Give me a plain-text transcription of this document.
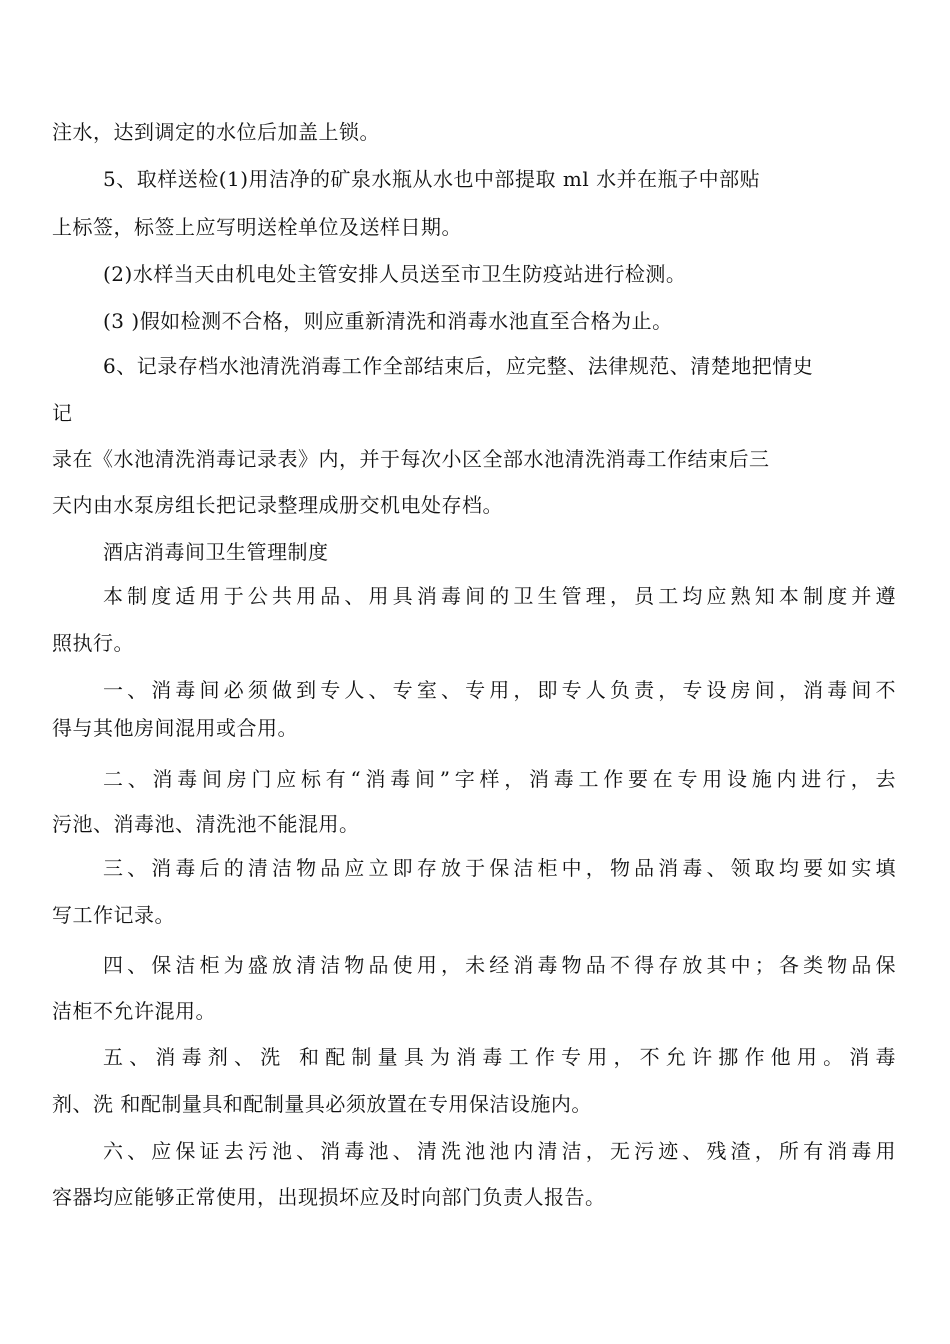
注水，达到调定的水位后加盖上锁。
5、取样送检(1)用洁净的矿泉水瓶从水也中部提取 ml 水并在瓶子中部贴
上标签，标签上应写明送栓单位及送样日期。
(2)水样当天由机电处主管安排人员送至市卫生防疫站进行检测。
(3 )假如检测不合格，则应重新清洗和消毒水池直至合格为止。
6、记录存档水池清洗消毒工作全部结束后，应完整、法律规范、清楚地把情史
记
录在《水池清洗消毒记录表》内，并于每次小区全部水池清洗消毒工作结束后三
天内由水泵房组长把记录整理成册交机电处存档。
酒店消毒间卫生管理制度
本制度适用于公共用品、用具消毒间的卫生管理，员工均应熟知本制度并遵
照执行。
一、消毒间必须做到专人、专室、专用，即专人负责，专设房间，消毒间不
得与其他房间混用或合用。
二、消毒间房门应标有“消毒间”字样，消毒工作要在专用设施内进行，去
污池、消毒池、清洗池不能混用。
三、消毒后的清洁物品应立即存放于保洁柜中，物品消毒、领取均要如实填
写工作记录。
四、保洁柜为盛放清洁物品使用，未经消毒物品不得存放其中；各类物品保
洁柜不允许混用。
五、消毒剂、洗 和配制量具为消毒工作专用，不允许挪作他用。消毒
剂、洗 和配制量具和配制量具必须放置在专用保洁设施内。
六、应保证去污池、消毒池、清洗池池内清洁，无污迹、残渣，所有消毒用
容器均应能够正常使用，出现损坏应及时向部门负责人报告。
